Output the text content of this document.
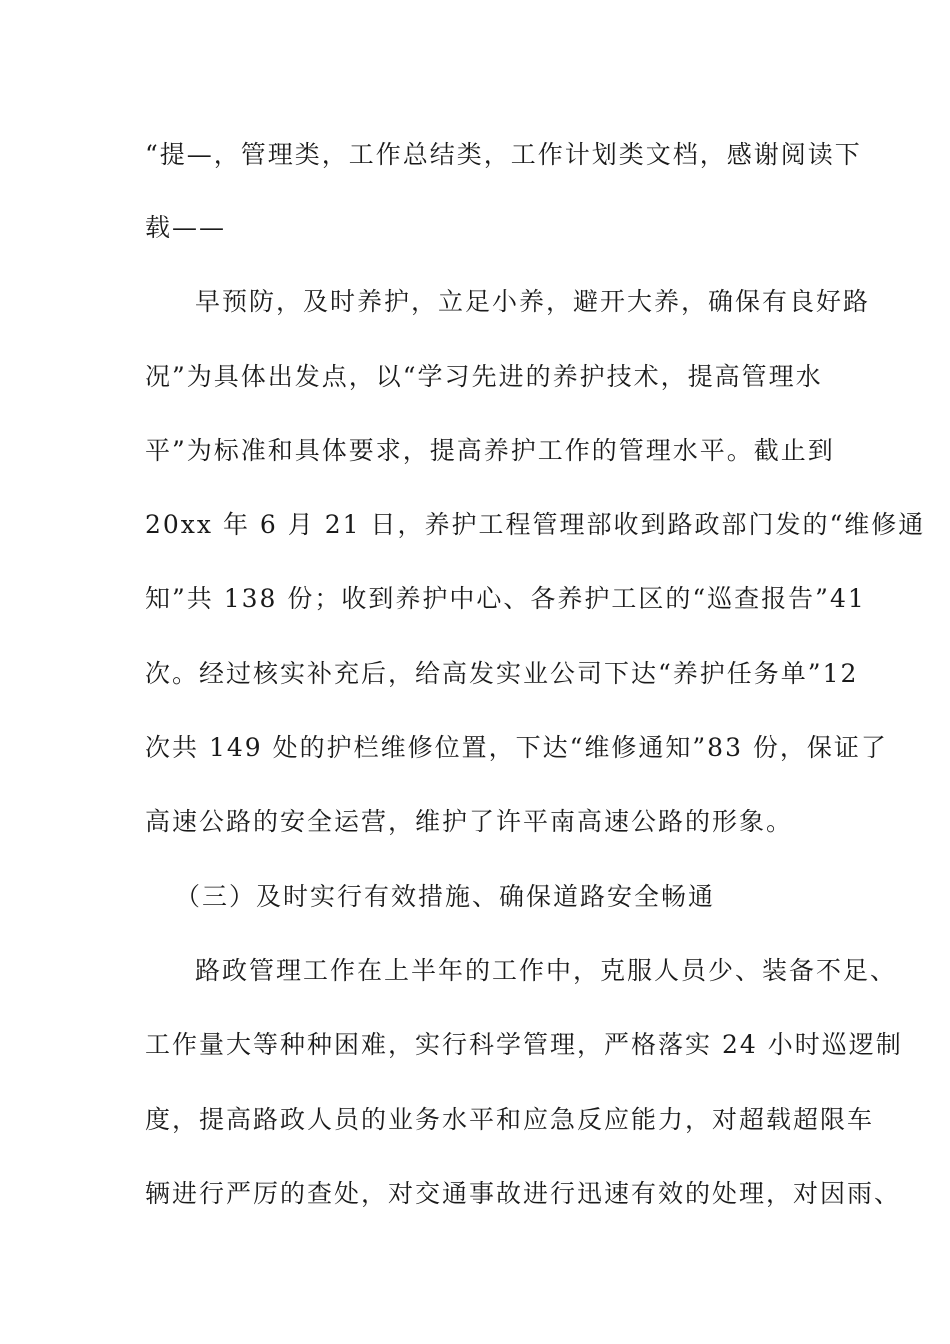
“提—，管理类，工作总结类，工作计划类文档，感谢阅读下
载——
早预防，及时养护，立足小养，避开大养，确保有良好路
况”为具体出发点，以“学习先进的养护技术，提高管理水
平”为标准和具体要求，提高养护工作的管理水平。截止到
20xx 年 6 月 21 日，养护工程管理部收到路政部门发的“维修通
知”共 138 份；收到养护中心、各养护工区的“巡查报告”41
次。经过核实补充后，给高发实业公司下达“养护任务单”12
次共 149 处的护栏维修位置，下达“维修通知”83 份，保证了
高速公路的安全运营，维护了许平南高速公路的形象。
（三）及时实行有效措施、确保道路安全畅通
路政管理工作在上半年的工作中，克服人员少、装备不足、
工作量大等种种困难，实行科学管理，严格落实 24 小时巡逻制
度，提高路政人员的业务水平和应急反应能力，对超载超限车
辆进行严厉的查处，对交通事故进行迅速有效的处理，对因雨、
